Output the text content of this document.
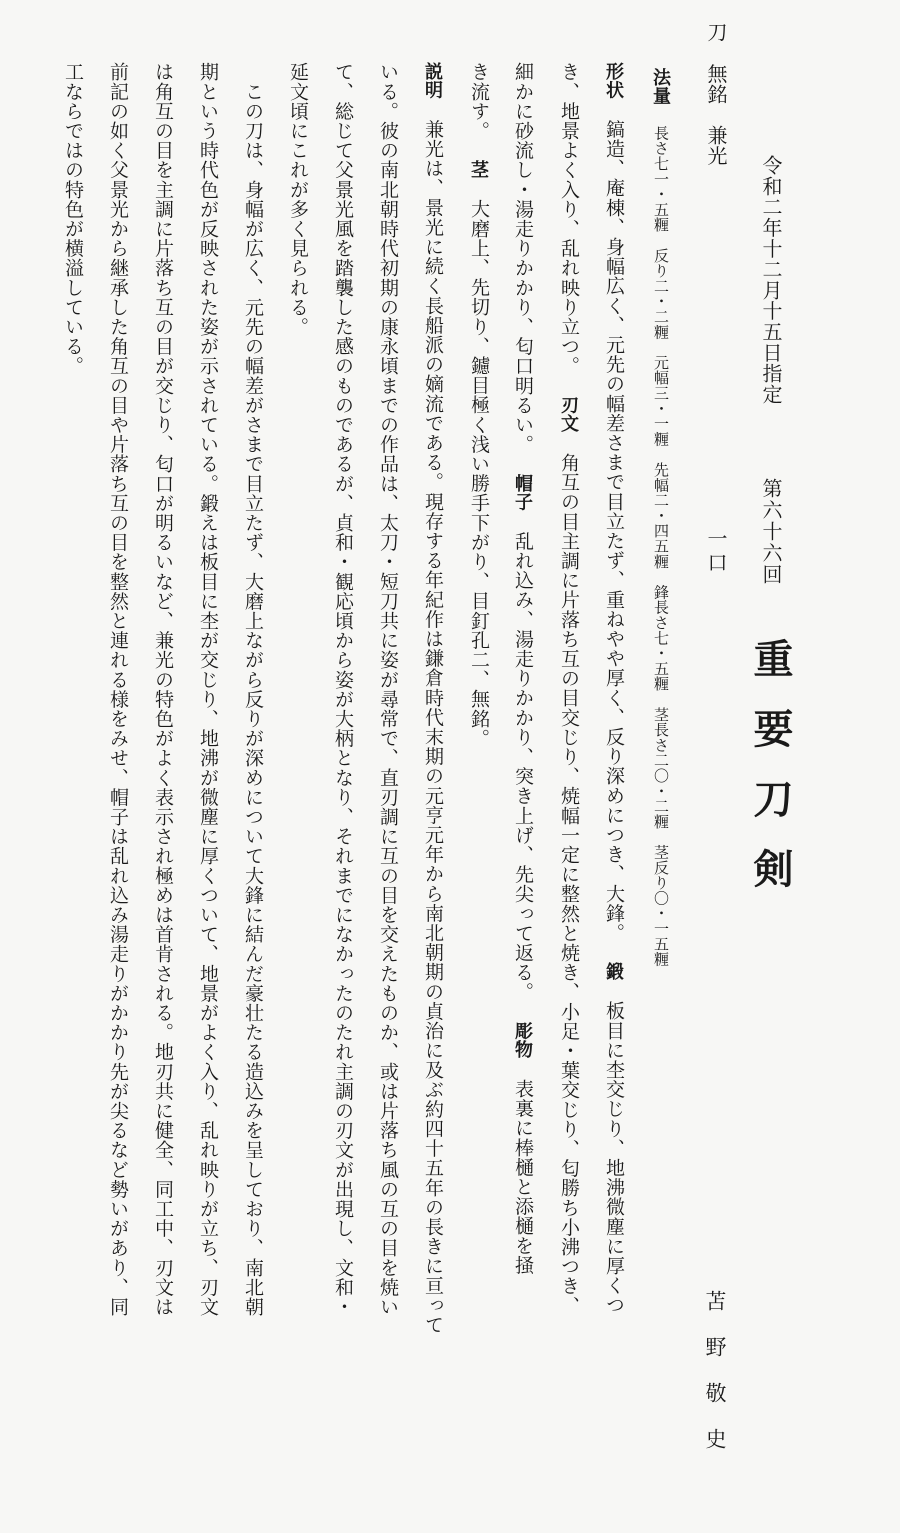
令和二年十二月十五日指定
第六十六回
重要刀剣
刀　無銘　兼光
一口
苫野敬史
法量長さ七一・五糎　反り二・二糎　元幅三・一糎　先幅二・四五糎　鋒長さ七・五糎　茎長さ二〇・二糎　茎反り〇・一五糎
形状鎬造、庵棟、身幅広く、元先の幅差さまで目立たず、重ねやや厚く、反り深めにつき、大鋒。鍛板目に杢交じり、地沸微塵に厚くつ
き、地景よく入り、乱れ映り立つ。刃文角互の目主調に片落ち互の目交じり、焼幅一定に整然と焼き、小足・葉交じり、匂勝ち小沸つき、
細かに砂流し・湯走りかかり、匂口明るい。帽子乱れ込み、湯走りかかり、突き上げ、先尖って返る。彫物表裏に棒樋と添樋を掻
き流す。茎大磨上、先切り、鑢目極く浅い勝手下がり、目釘孔二、無銘。
説明兼光は、景光に続く長船派の嫡流である。現存する年紀作は鎌倉時代末期の元亨元年から南北朝期の貞治に及ぶ約四十五年の長きに亘って
いる。彼の南北朝時代初期の康永頃までの作品は、太刀・短刀共に姿が尋常で、直刃調に互の目を交えたものか、或は片落ち風の互の目を焼い
て、総じて父景光風を踏襲した感のものであるが、貞和・観応頃から姿が大柄となり、それまでになかったのたれ主調の刃文が出現し、文和・
延文頃にこれが多く見られる。
　この刀は、身幅が広く、元先の幅差がさまで目立たず、大磨上ながら反りが深めについて大鋒に結んだ豪壮たる造込みを呈しており、南北朝
期という時代色が反映された姿が示されている。鍛えは板目に杢が交じり、地沸が微塵に厚くついて、地景がよく入り、乱れ映りが立ち、刃文
は角互の目を主調に片落ち互の目が交じり、匂口が明るいなど、兼光の特色がよく表示され極めは首肯される。地刃共に健全、同工中、刃文は
前記の如く父景光から継承した角互の目や片落ち互の目を整然と連れる様をみせ、帽子は乱れ込み湯走りがかかり先が尖るなど勢いがあり、同
工ならではの特色が横溢している。
